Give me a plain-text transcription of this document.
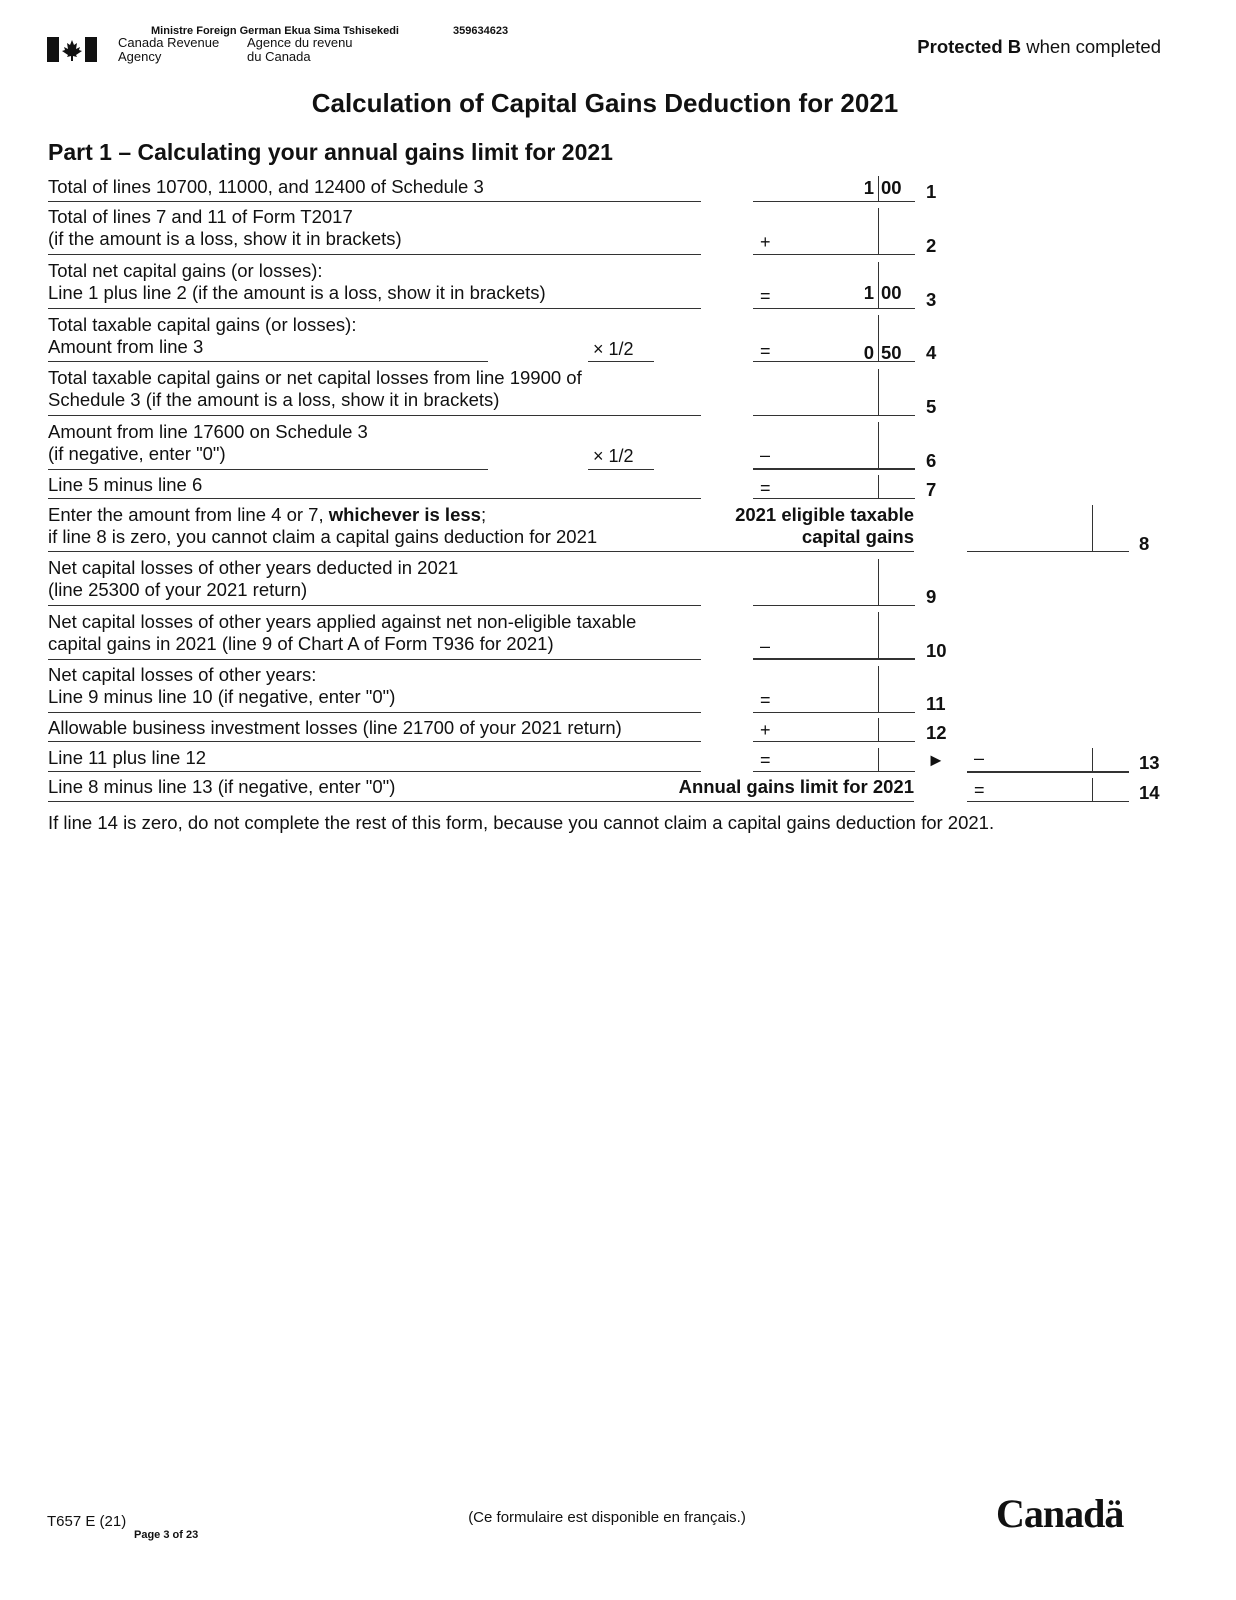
Ministre Foreign German Ekua Sima Tshisekedi	359634623
Canada Revenue
Agency
Agence du revenu
du Canada	Protected B when completed
Calculation of Capital Gains Deduction for 2021
Part 1 – Calculating your annual gains limit for 2021
Total of lines 10700, 11000, and 12400 of Schedule 3	1 00 1
Total of lines 7 and 11 of Form T2017
(if the amount is a loss, show it in brackets)	+	2
Total net capital gains (or losses):
Line 1 plus line 2 (if the amount is a loss, show it in brackets)	=	1 00 3
Total taxable capital gains (or losses):
Amount from line 3	× 1/2	=	0 50 4
Total taxable capital gains or net capital losses from line 19900 of
Schedule 3 (if the amount is a loss, show it in brackets)	5
Amount from line 17600 on Schedule 3
(if negative, enter "0")	× 1/2	–	6
Line 5 minus line 6	=	7
Enter the amount from line 4 or 7, whichever is less;
if line 8 is zero, you cannot claim a capital gains deduction for 2021
2021 eligible taxable
capital gains	8
Net capital losses of other years deducted in 2021
(line 25300 of your 2021 return)	9
Net capital losses of other years applied against net non-eligible taxable
capital gains in 2021 (line 9 of Chart A of Form T936 for 2021)	–	10
Net capital losses of other years:
Line 9 minus line 10 (if negative, enter "0")	=	11
Allowable business investment losses (line 21700 of your 2021 return)	+	12
Line 11 plus line 12	=	► –	13
Line 8 minus line 13 (if negative, enter "0")	Annual gains limit for 2021	=	14
If line 14 is zero, do not complete the rest of this form, because you cannot claim a capital gains deduction for 2021.
T657 E (21)
Page 3 of 23
(Ce formulaire est disponible en français.)	Canadä
